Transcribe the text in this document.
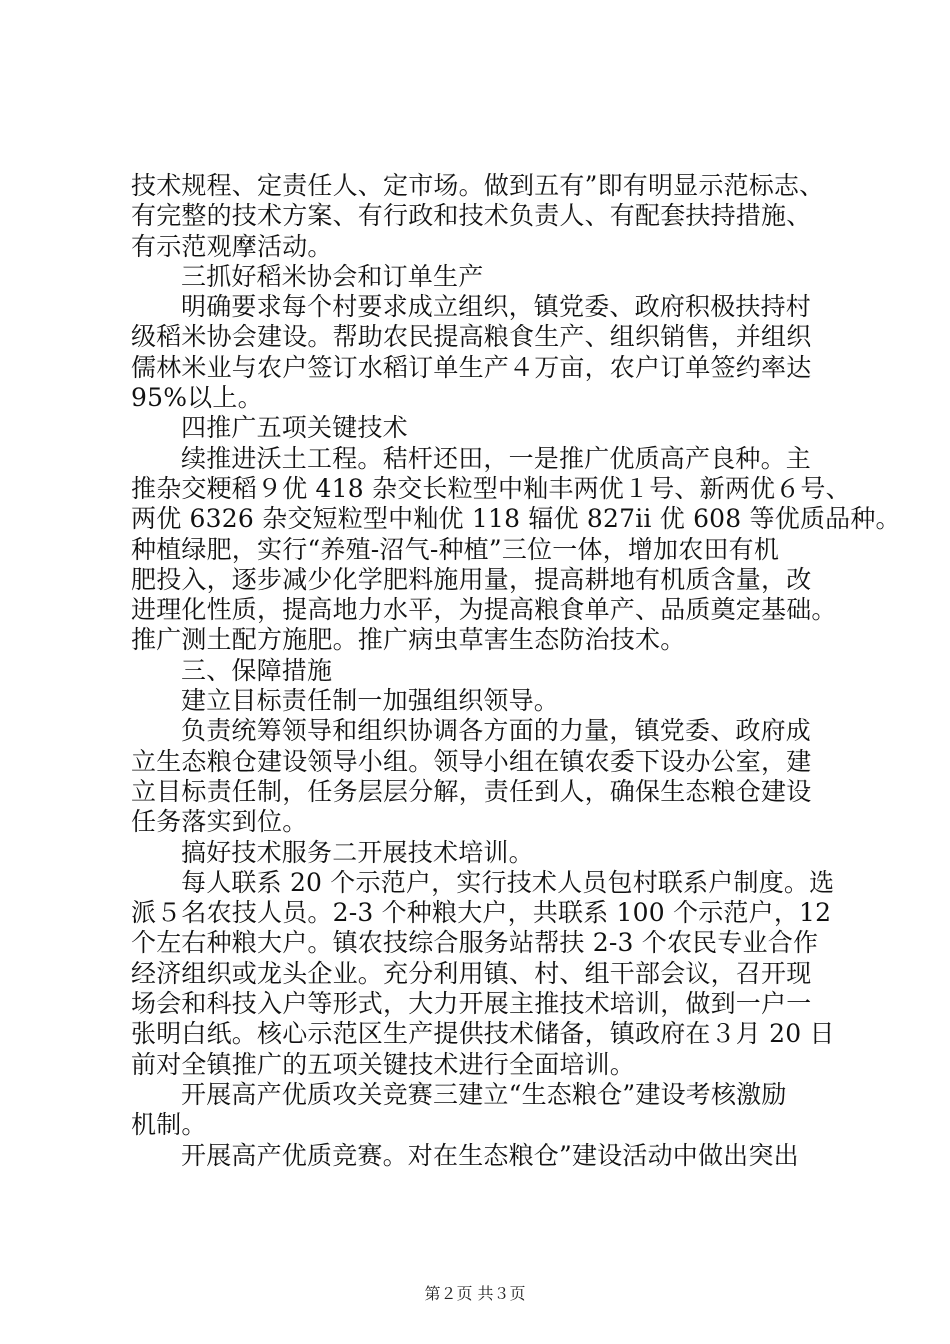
技术规程、定责任人、定市场。做到五有”即有明显示范标志、
有完整的技术方案、有行政和技术负责人、有配套扶持措施、
有示范观摩活动。
三抓好稻米协会和订单生产
明确要求每个村要求成立组织，镇党委、政府积极扶持村
级稻米协会建设。帮助农民提高粮食生产、组织销售，并组织
儒林米业与农户签订水稻订单生产４万亩，农户订单签约率达
95%以上。
四推广五项关键技术
续推进沃土工程。秸杆还田，一是推广优质高产良种。主
推杂交粳稻９优 418 杂交长粒型中籼丰两优１号、新两优６号、
两优 6326 杂交短粒型中籼优 118 辐优 827ii 优 608 等优质品种。
种植绿肥，实行“养殖-沼气-种植”三位一体，增加农田有机
肥投入，逐步减少化学肥料施用量，提高耕地有机质含量，改
进理化性质，提高地力水平，为提高粮食单产、品质奠定基础。
推广测土配方施肥。推广病虫草害生态防治技术。
三、保障措施
建立目标责任制一加强组织领导。
负责统筹领导和组织协调各方面的力量，镇党委、政府成
立生态粮仓建设领导小组。领导小组在镇农委下设办公室，建
立目标责任制，任务层层分解，责任到人，确保生态粮仓建设
任务落实到位。
搞好技术服务二开展技术培训。
每人联系 20 个示范户，实行技术人员包村联系户制度。选
派５名农技人员。2-3 个种粮大户，共联系 100 个示范户，12
个左右种粮大户。镇农技综合服务站帮扶 2-3 个农民专业合作
经济组织或龙头企业。充分利用镇、村、组干部会议，召开现
场会和科技入户等形式，大力开展主推技术培训，做到一户一
张明白纸。核心示范区生产提供技术储备，镇政府在３月 20 日
前对全镇推广的五项关键技术进行全面培训。
开展高产优质攻关竞赛三建立“生态粮仓”建设考核激励
机制。
开展高产优质竞赛。对在生态粮仓”建设活动中做出突出
第２页 共３页
